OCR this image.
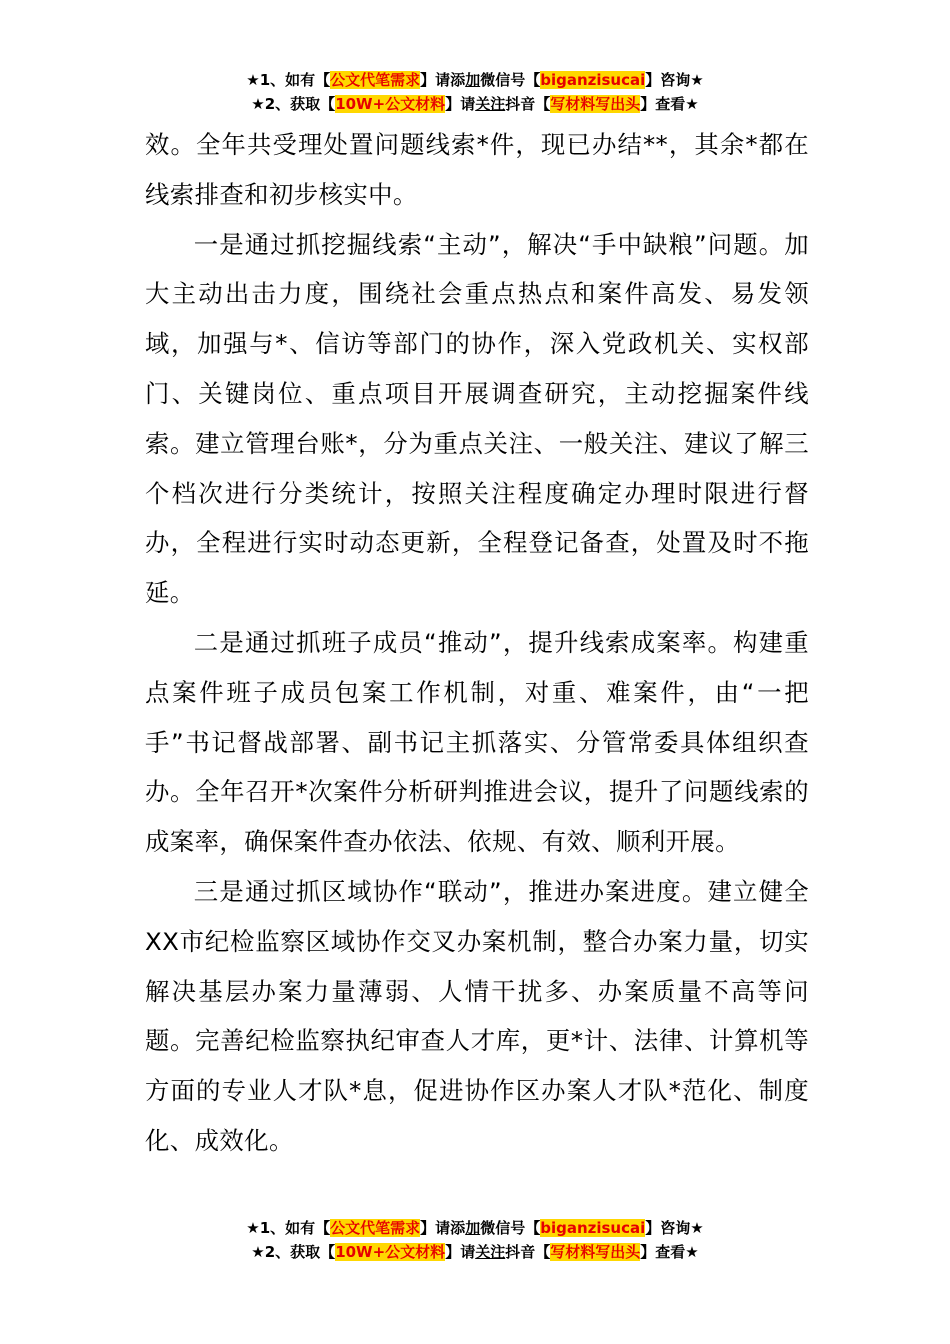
★1、如有【公文代笔需求】请添加微信号【biganzisucai】咨询★
★2、获取【10W+公文材料】请关注抖音【写材料写出头】查看★

效。全年共受理处置问题线索*件，现已办结**，其余*都在线索排查和初步核实中。

一是通过抓挖掘线索“主动”，解决“手中缺粮”问题。加大主动出击力度，围绕社会重点热点和案件高发、易发领域，加强与*、信访等部门的协作，深入党政机关、实权部门、关键岗位、重点项目开展调查研究，主动挖掘案件线索。建立管理台账*，分为重点关注、一般关注、建议了解三个档次进行分类统计，按照关注程度确定办理时限进行督办，全程进行实时动态更新，全程登记备查，处置及时不拖延。

二是通过抓班子成员“推动”，提升线索成案率。构建重点案件班子成员包案工作机制，对重、难案件，由“一把手”书记督战部署、副书记主抓落实、分管常委具体组织查办。全年召开*次案件分析研判推进会议，提升了问题线索的成案率，确保案件查办依法、依规、有效、顺利开展。

三是通过抓区域协作“联动”，推进办案进度。建立健全XX市纪检监察区域协作交叉办案机制，整合办案力量，切实解决基层办案力量薄弱、人情干扰多、办案质量不高等问题。完善纪检监察执纪审查人才库，更*计、法律、计算机等方面的专业人才队*息，促进协作区办案人才队*范化、制度化、成效化。

★1、如有【公文代笔需求】请添加微信号【biganzisucai】咨询★
★2、获取【10W+公文材料】请关注抖音【写材料写出头】查看★
